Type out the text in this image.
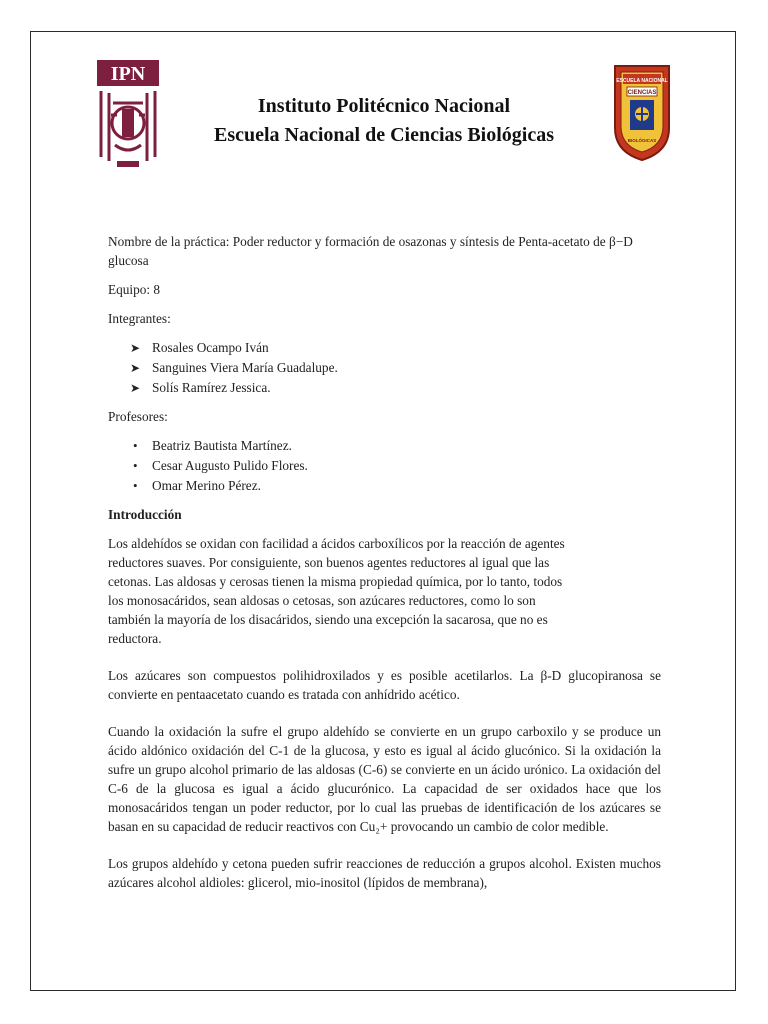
IPN
Instituto Politécnico Nacional
Escuela Nacional de Ciencias Biológicas
ESCUELA NACIONAL
CIENCIAS
BIOLÓGICAS

Nombre de la práctica: Poder reductor y formación de osazonas y síntesis de Penta-acetato de β−D glucosa

Equipo: 8

Integrantes:

➤ Rosales Ocampo Iván
➤ Sanguines Viera María Guadalupe.
➤ Solís Ramírez Jessica.

Profesores:

• Beatriz Bautista Martínez.
• Cesar Augusto Pulido Flores.
• Omar Merino Pérez.

Introducción

Los aldehídos se oxidan con facilidad a ácidos carboxílicos por la reacción de agentes reductores suaves. Por consiguiente, son buenos agentes reductores al igual que las cetonas. Las aldosas y cerosas tienen la misma propiedad química, por lo tanto, todos los monosacáridos, sean aldosas o cetosas, son azúcares reductores, como lo son también la mayoría de los disacáridos, siendo una excepción la sacarosa, que no es reductora.

Los azúcares son compuestos polihidroxilados y es posible acetilarlos. La β-D glucopiranosa se convierte en pentaacetato cuando es tratada con anhídrido acético.

Cuando la oxidación la sufre el grupo aldehído se convierte en un grupo carboxilo y se produce un ácido aldónico oxidación del C-1 de la glucosa, y esto es igual al ácido glucónico. Si la oxidación la sufre un grupo alcohol primario de las aldosas (C-6) se convierte en un ácido urónico. La oxidación del C-6 de la glucosa es igual a ácido glucurónico. La capacidad de ser oxidados hace que los monosacáridos tengan un poder reductor, por lo cual las pruebas de identificación de los azúcares se basan en su capacidad de reducir reactivos con Cu₂+ provocando un cambio de color medible.

Los grupos aldehído y cetona pueden sufrir reacciones de reducción a grupos alcohol. Existen muchos azúcares alcohol aldioles: glicerol, mio-inositol (lípidos de membrana),
